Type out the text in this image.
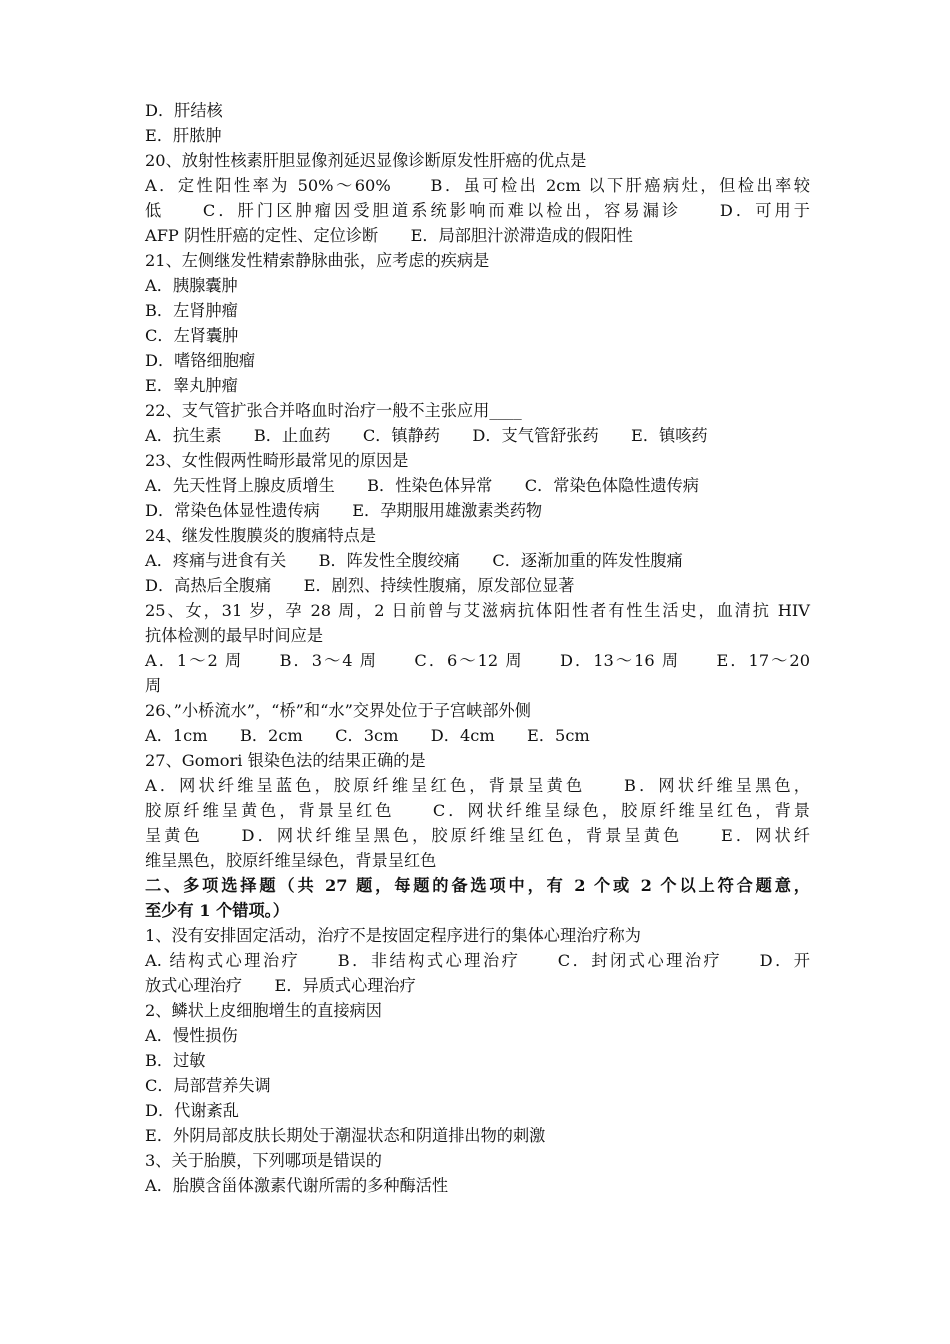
D．肝结核
E．肝脓肿
20、放射性核素肝胆显像剂延迟显像诊断原发性肝癌的优点是
A．定性阳性率为 50%～60%　　B．虽可检出 2cm 以下肝癌病灶，但检出率较
低　　C．肝门区肿瘤因受胆道系统影响而难以检出，容易漏诊　　D．可用于
AFP 阴性肝癌的定性、定位诊断　　E．局部胆汁淤滞造成的假阳性
21、左侧继发性精索静脉曲张，应考虑的疾病是
A．胰腺囊肿
B．左肾肿瘤
C．左肾囊肿
D．嗜铬细胞瘤
E．睾丸肿瘤
22、支气管扩张合并咯血时治疗一般不主张应用____
A．抗生素　　B．止血药　　C．镇静药　　D．支气管舒张药　　E．镇咳药
23、女性假两性畸形最常见的原因是
A．先天性肾上腺皮质增生　　B．性染色体异常　　C．常染色体隐性遗传病
D．常染色体显性遗传病　　E．孕期服用雄激素类药物
24、继发性腹膜炎的腹痛特点是
A．疼痛与进食有关　　B．阵发性全腹绞痛　　C．逐渐加重的阵发性腹痛
D．高热后全腹痛　　E．剧烈、持续性腹痛，原发部位显著
25、女，31 岁，孕 28 周，2 日前曾与艾滋病抗体阳性者有性生活史，血清抗 HIV
抗体检测的最早时间应是
A．1～2 周　　B．3～4 周　　C．6～12 周　　D．13～16 周　　E．17～20
周
26、”小桥流水”，“桥”和“水”交界处位于子宫峡部外侧
A．1cm　　B．2cm　　C．3cm　　D．4cm　　E．5cm
27、Gomori 银染色法的结果正确的是
A．网状纤维呈蓝色，胶原纤维呈红色，背景呈黄色　　B．网状纤维呈黑色，
胶原纤维呈黄色，背景呈红色　　C．网状纤维呈绿色，胶原纤维呈红色，背景
呈黄色　　D．网状纤维呈黑色，胶原纤维呈红色，背景呈黄色　　E．网状纤
维呈黑色，胶原纤维呈绿色，背景呈红色
二、多项选择题（共 27 题，每题的备选项中，有 2 个或 2 个以上符合题意，
至少有 1 个错项。）
1、没有安排固定活动，治疗不是按固定程序进行的集体心理治疗称为
A. 结构式心理治疗　　B．非结构式心理治疗　　C．封闭式心理治疗　　D．开
放式心理治疗　　E．异质式心理治疗
2、鳞状上皮细胞增生的直接病因
A．慢性损伤
B．过敏
C．局部营养失调
D．代谢紊乱
E．外阴局部皮肤长期处于潮湿状态和阴道排出物的刺激
3、关于胎膜，下列哪项是错误的
A．胎膜含甾体激素代谢所需的多种酶活性
